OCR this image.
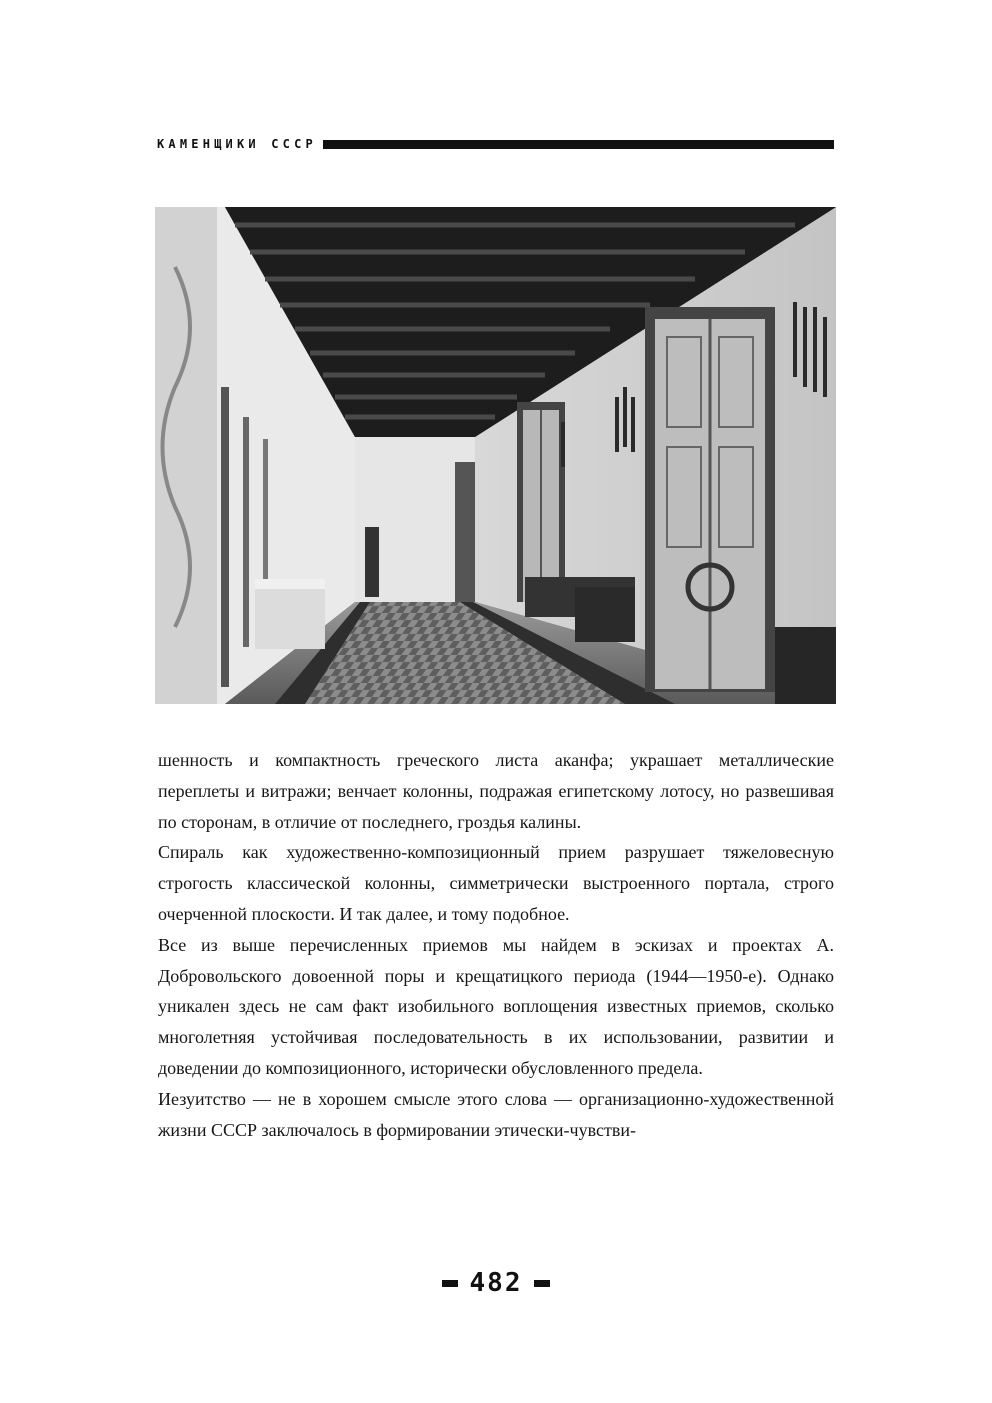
КАМЕНЩИКИ СССР

шенность и компактность греческого листа аканфа; украшает металлические переплеты и витражи; венчает колонны, подражая египетскому лотосу, но развешивая по сторонам, в отличие от последнего, гроздья калины.

Спираль как художественно-композиционный прием разрушает тяжеловесную строгость классической колонны, симметрически выстроенного портала, строго очерченной плоскости. И так далее, и тому подобное.

Все из выше перечисленных приемов мы найдем в эскизах и проектах А. Добровольского довоенной поры и крещатицкого периода (1944—1950-е). Однако уникален здесь не сам факт изобильного воплощения известных приемов, сколько многолетняя устойчивая последовательность в их использовании, развитии и доведении до композиционного, исторически обусловленного предела.

Иезуитство — не в хорошем смысле этого слова — организационно-художественной жизни СССР заключалось в формировании этически-чувстви-

482
